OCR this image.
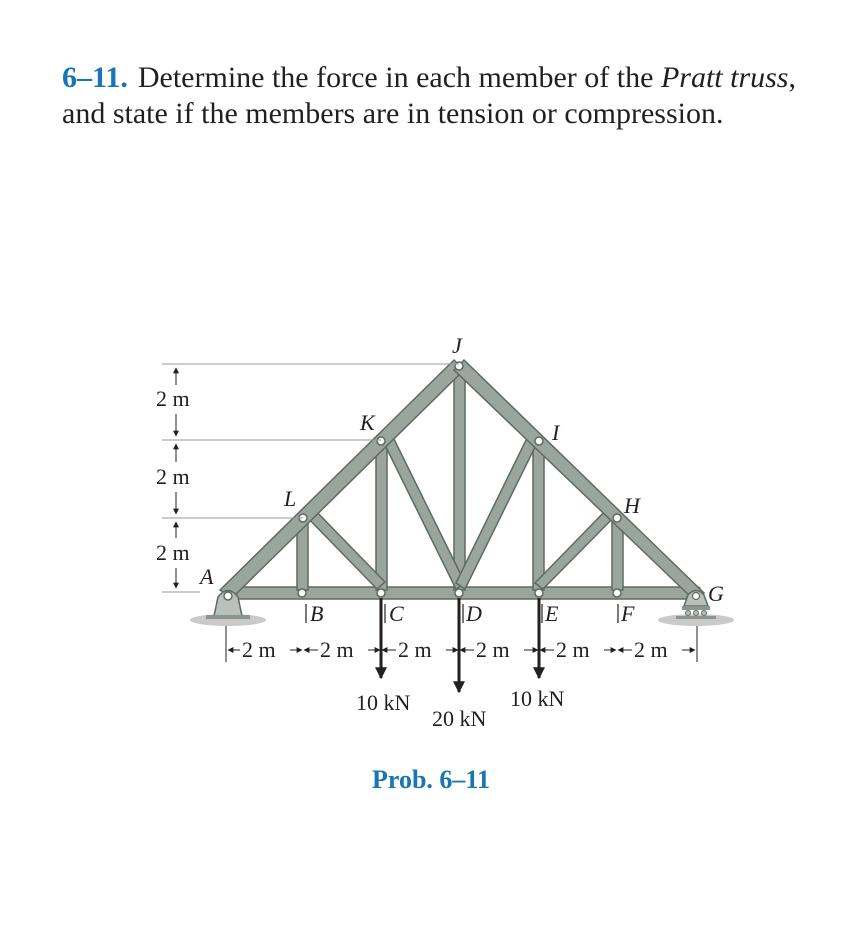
6–11. Determine the force in each member of the Pratt truss, and state if the members are in tension or compression.
J
K	I
L	H
A
G
B	C	D	E	F
2 m
2 m
2 m
2 m 2 m 2 m 2 m 2 m 2 m
10 kN
20 kN
10 kN
Prob. 6–11
